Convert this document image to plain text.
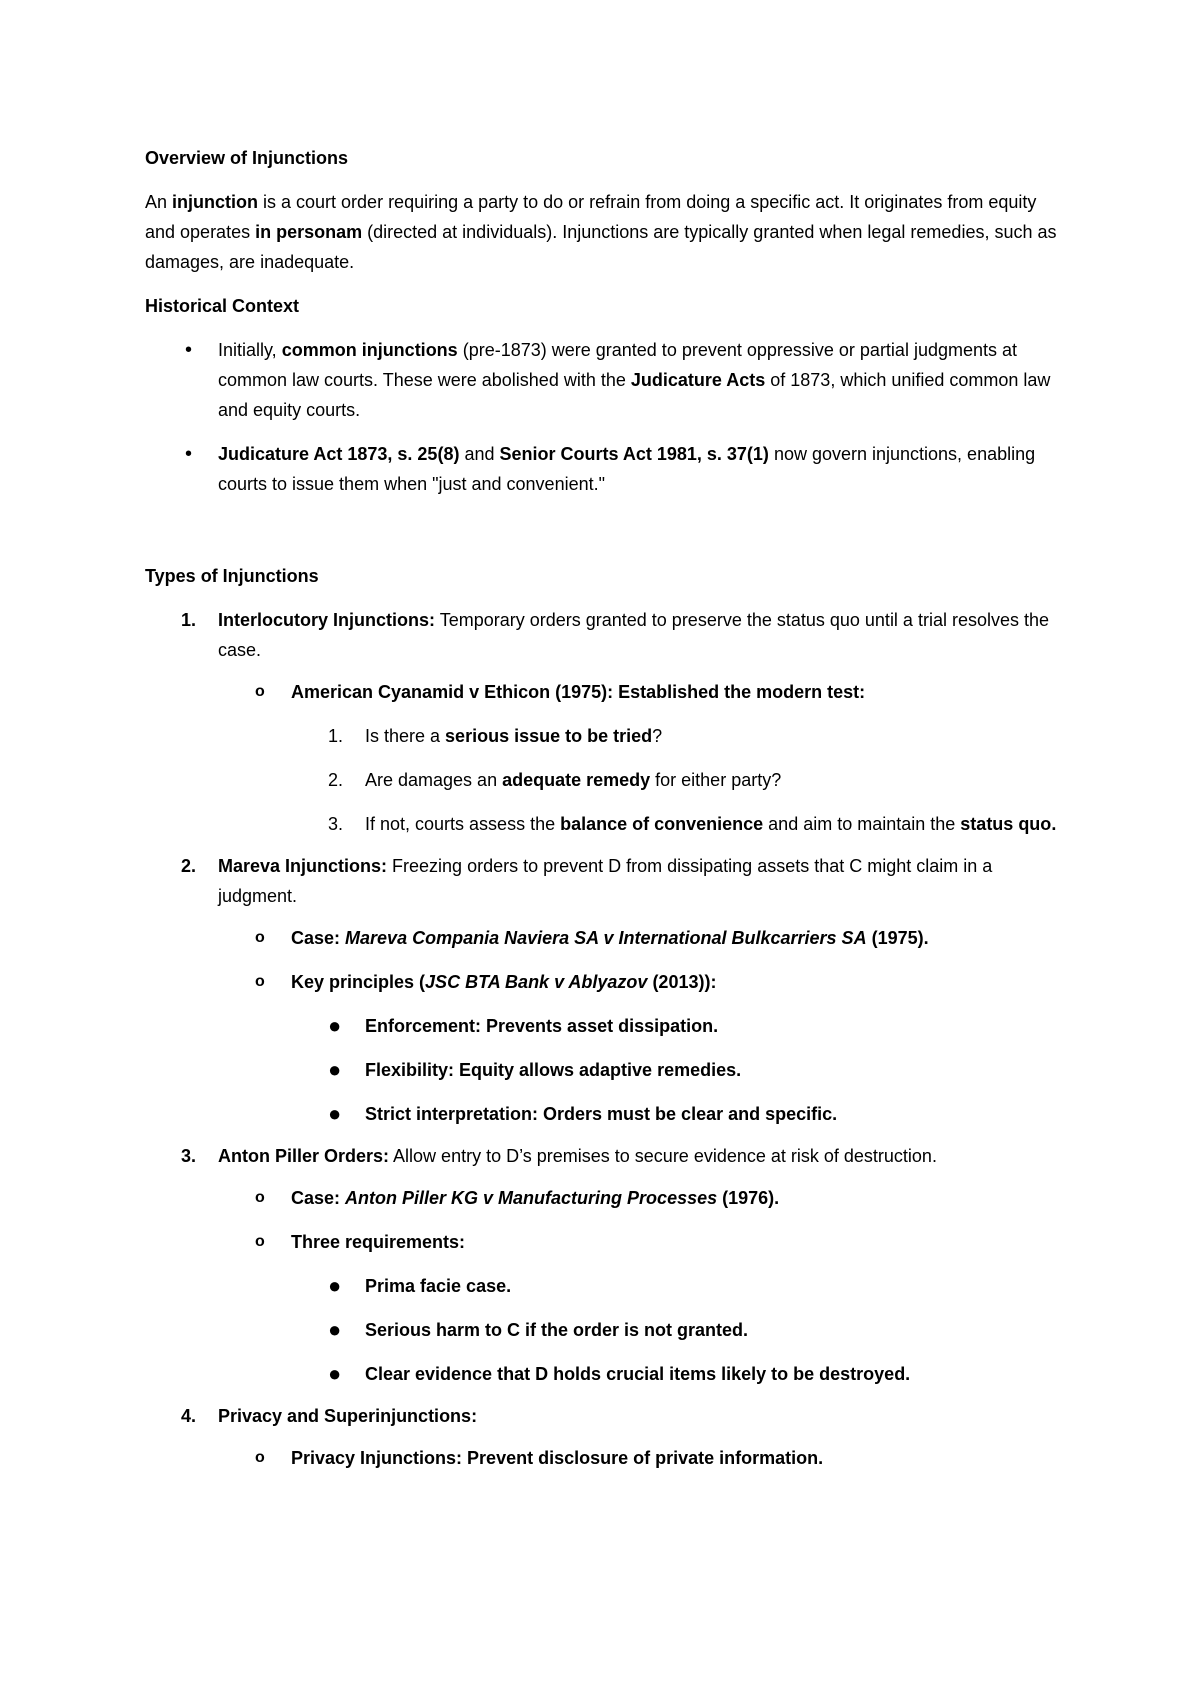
Overview of Injunctions

An injunction is a court order requiring a party to do or refrain from doing a specific act. It originates from equity and operates in personam (directed at individuals). Injunctions are typically granted when legal remedies, such as damages, are inadequate.

Historical Context
• Initially, common injunctions (pre-1873) were granted to prevent oppressive or partial judgments at common law courts. These were abolished with the Judicature Acts of 1873, which unified common law and equity courts.
• Judicature Act 1873, s. 25(8) and Senior Courts Act 1981, s. 37(1) now govern injunctions, enabling courts to issue them when "just and convenient."
Types of Injunctions
1.	Interlocutory Injunctions: Temporary orders granted to preserve the status quo until a trial resolves the case.
o American Cyanamid v Ethicon (1975): Established the modern test:
1. Is there a serious issue to be tried?
2. Are damages an adequate remedy for either party?
3. If not, courts assess the balance of convenience and aim to maintain the status quo.
2.	Mareva Injunctions: Freezing orders to prevent D from dissipating assets that C might claim in a judgment.
o Case: Mareva Compania Naviera SA v International Bulkcarriers SA (1975).
o Key principles (JSC BTA Bank v Ablyazov (2013)):
● Enforcement: Prevents asset dissipation.
● Flexibility: Equity allows adaptive remedies.
● Strict interpretation: Orders must be clear and specific.
3.	Anton Piller Orders: Allow entry to D’s premises to secure evidence at risk of destruction.
o Case: Anton Piller KG v Manufacturing Processes (1976).
o Three requirements:
● Prima facie case.
● Serious harm to C if the order is not granted.
● Clear evidence that D holds crucial items likely to be destroyed.
4.	Privacy and Superinjunctions:
o Privacy Injunctions: Prevent disclosure of private information.
